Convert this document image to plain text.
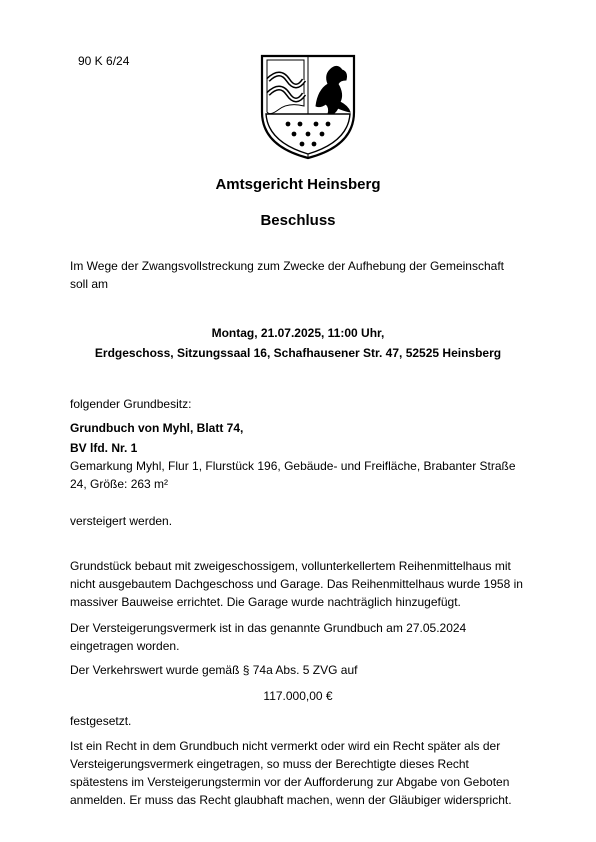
90 K 6/24
Amtsgericht Heinsberg
Beschluss
Im Wege der Zwangsvollstreckung zum Zwecke der Aufhebung der Gemeinschaft
soll am
Montag, 21.07.2025, 11:00 Uhr,
Erdgeschoss, Sitzungssaal 16, Schafhausener Str. 47, 52525 Heinsberg
folgender Grundbesitz:
Grundbuch von Myhl, Blatt 74,
BV lfd. Nr. 1
Gemarkung Myhl, Flur 1, Flurstück 196, Gebäude- und Freifläche, Brabanter Straße
24, Größe: 263 m²
versteigert werden.
Grundstück bebaut mit zweigeschossigem, vollunterkellertem Reihenmittelhaus mit
nicht ausgebautem Dachgeschoss und Garage. Das Reihenmittelhaus wurde 1958 in
massiver Bauweise errichtet. Die Garage wurde nachträglich hinzugefügt.
Der Versteigerungsvermerk ist in das genannte Grundbuch am 27.05.2024
eingetragen worden.
Der Verkehrswert wurde gemäß § 74a Abs. 5 ZVG auf
117.000,00 €
festgesetzt.
Ist ein Recht in dem Grundbuch nicht vermerkt oder wird ein Recht später als der
Versteigerungsvermerk eingetragen, so muss der Berechtigte dieses Recht
spätestens im Versteigerungstermin vor der Aufforderung zur Abgabe von Geboten
anmelden. Er muss das Recht glaubhaft machen, wenn der Gläubiger widerspricht.
